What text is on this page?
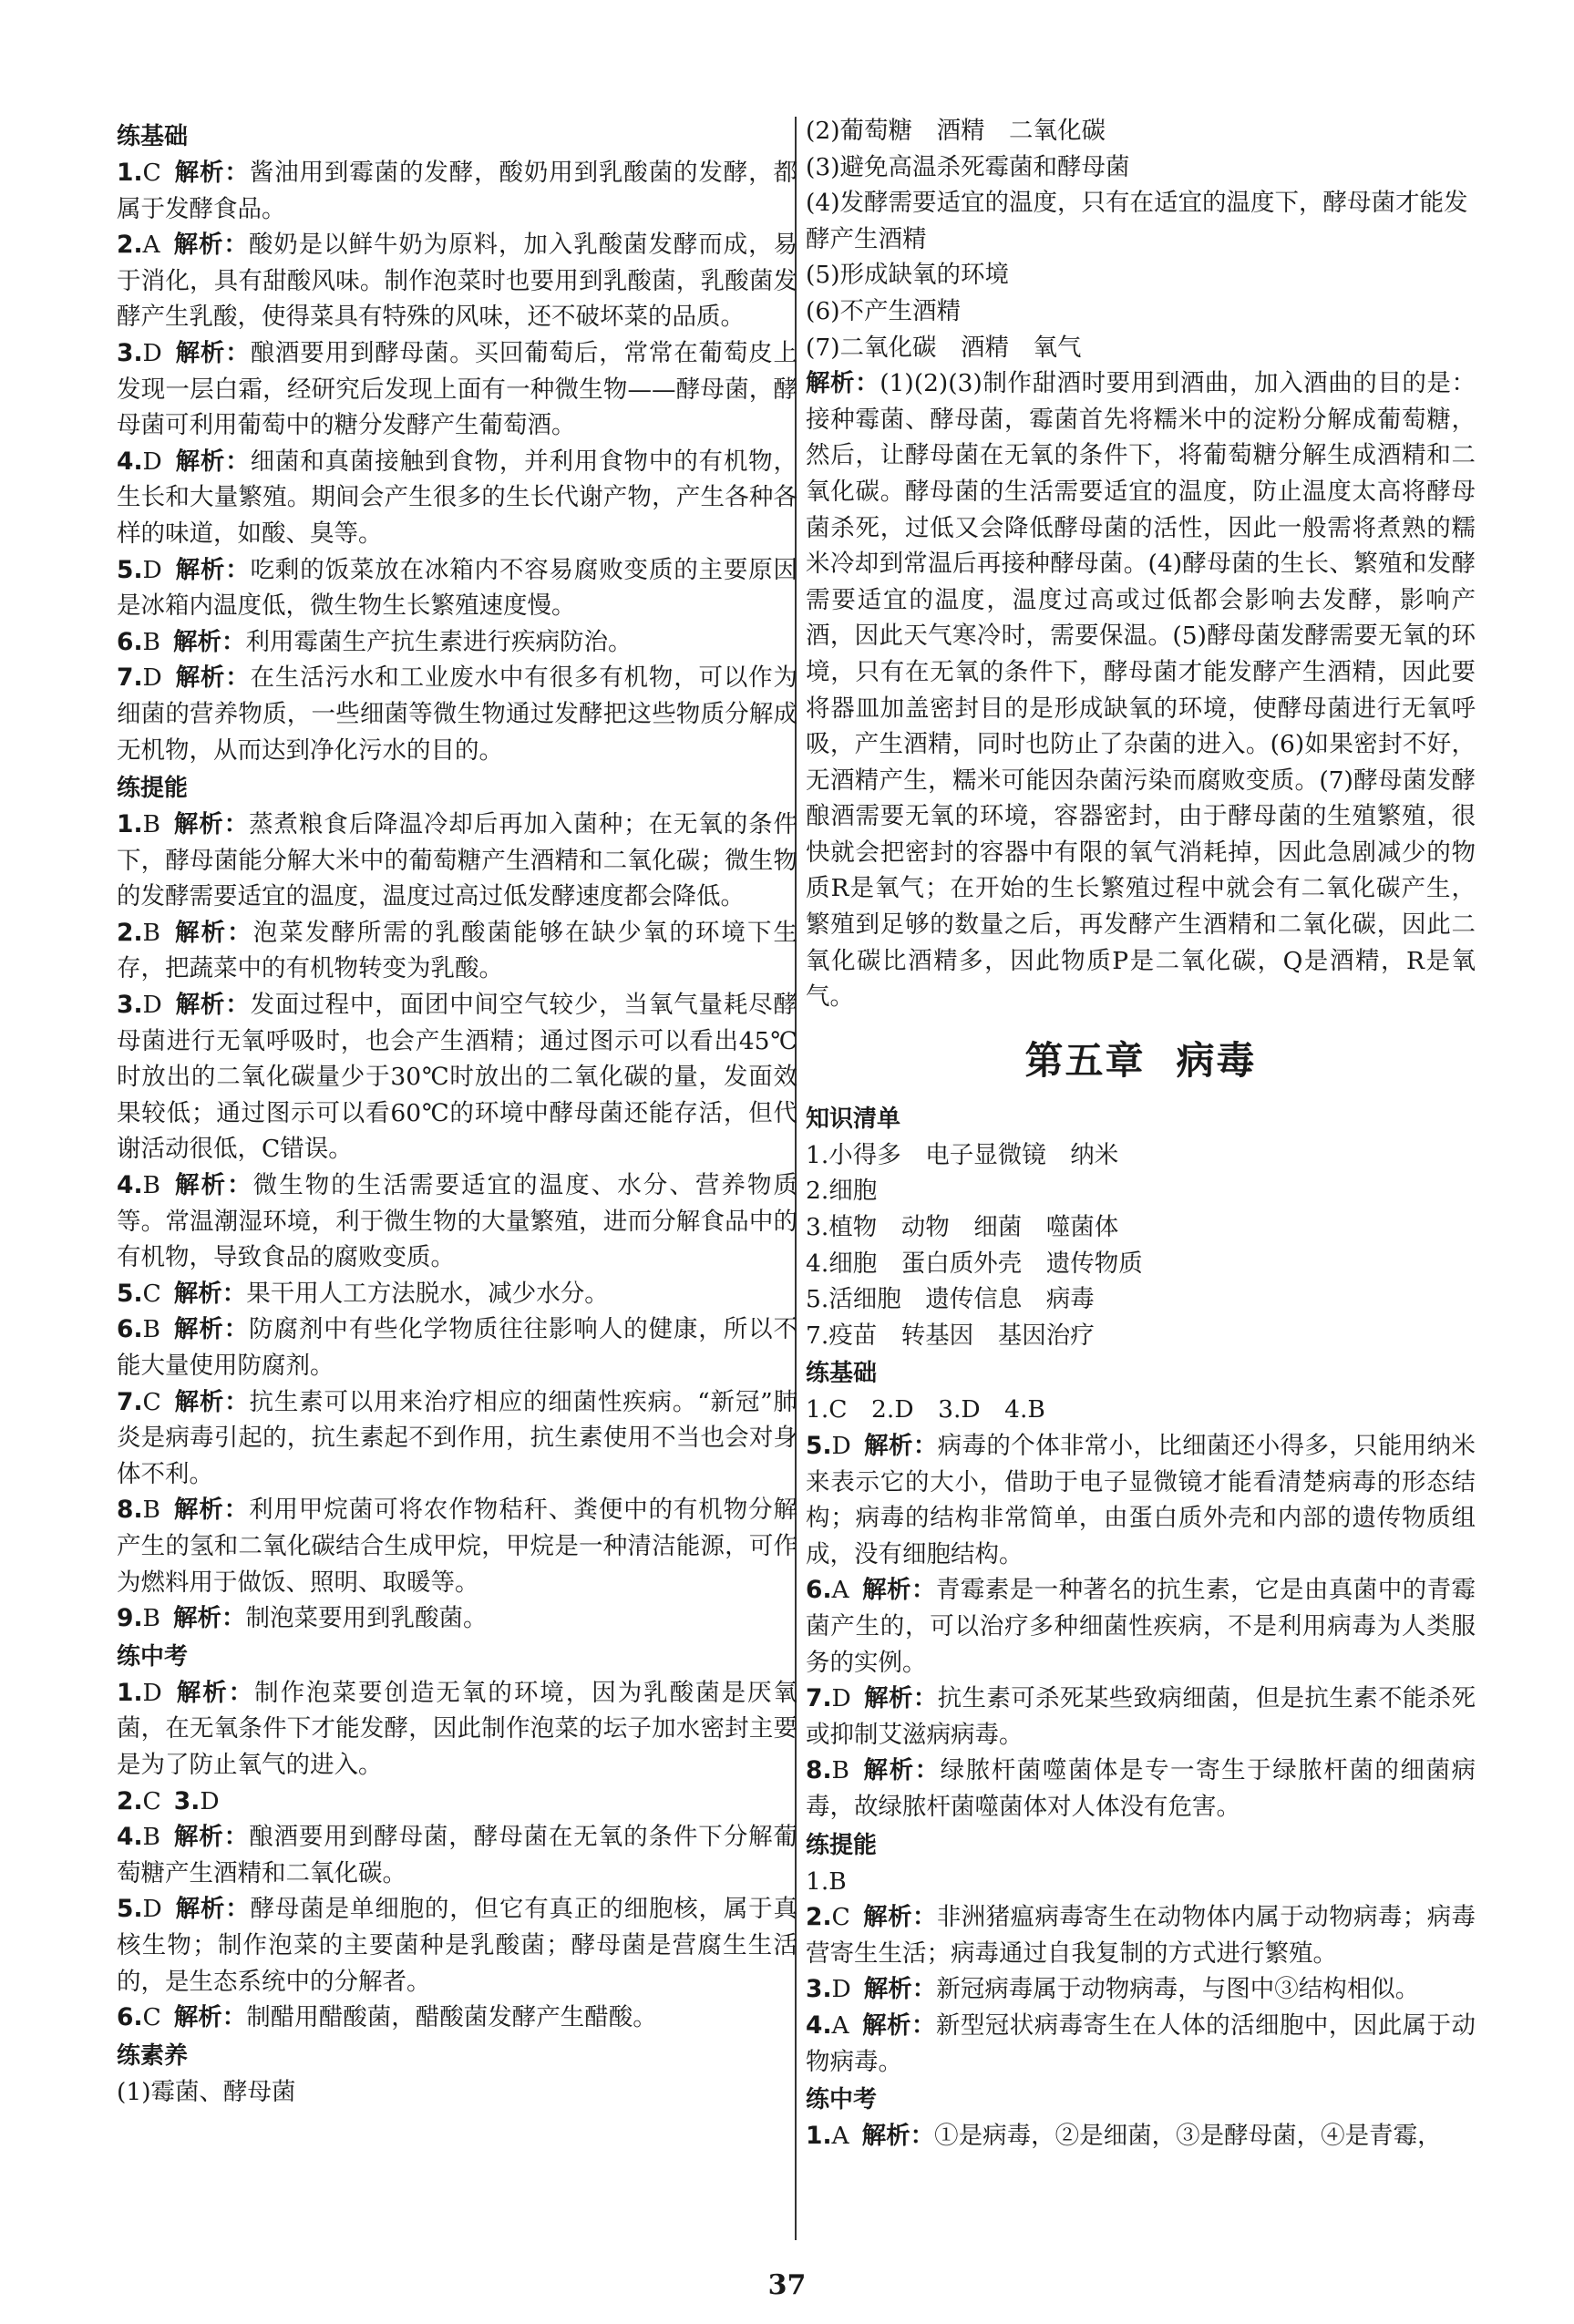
练基础
1.C 解析：酱油用到霉菌的发酵，酸奶用到乳酸菌的发酵，都属于发酵食品。
2.A 解析：酸奶是以鲜牛奶为原料，加入乳酸菌发酵而成，易于消化，具有甜酸风味。制作泡菜时也要用到乳酸菌，乳酸菌发酵产生乳酸，使得菜具有特殊的风味，还不破坏菜的品质。
3.D 解析：酿酒要用到酵母菌。买回葡萄后，常常在葡萄皮上发现一层白霜，经研究后发现上面有一种微生物——酵母菌，酵母菌可利用葡萄中的糖分发酵产生葡萄酒。
4.D 解析：细菌和真菌接触到食物，并利用食物中的有机物，生长和大量繁殖。期间会产生很多的生长代谢产物，产生各种各样的味道，如酸、臭等。
5.D 解析：吃剩的饭菜放在冰箱内不容易腐败变质的主要原因是冰箱内温度低，微生物生长繁殖速度慢。
6.B 解析：利用霉菌生产抗生素进行疾病防治。
7.D 解析：在生活污水和工业废水中有很多有机物，可以作为细菌的营养物质，一些细菌等微生物通过发酵把这些物质分解成无机物，从而达到净化污水的目的。
练提能
1.B 解析：蒸煮粮食后降温冷却后再加入菌种；在无氧的条件下，酵母菌能分解大米中的葡萄糖产生酒精和二氧化碳；微生物的发酵需要适宜的温度，温度过高过低发酵速度都会降低。
2.B 解析：泡菜发酵所需的乳酸菌能够在缺少氧的环境下生存，把蔬菜中的有机物转变为乳酸。
3.D 解析：发面过程中，面团中间空气较少，当氧气量耗尽酵母菌进行无氧呼吸时，也会产生酒精；通过图示可以看出45℃时放出的二氧化碳量少于30℃时放出的二氧化碳的量，发面效果较低；通过图示可以看60℃的环境中酵母菌还能存活，但代谢活动很低，C错误。
4.B 解析：微生物的生活需要适宜的温度、水分、营养物质等。常温潮湿环境，利于微生物的大量繁殖，进而分解食品中的有机物，导致食品的腐败变质。
5.C 解析：果干用人工方法脱水，减少水分。
6.B 解析：防腐剂中有些化学物质往往影响人的健康，所以不能大量使用防腐剂。
7.C 解析：抗生素可以用来治疗相应的细菌性疾病。“新冠”肺炎是病毒引起的，抗生素起不到作用，抗生素使用不当也会对身体不利。
8.B 解析：利用甲烷菌可将农作物秸秆、粪便中的有机物分解产生的氢和二氧化碳结合生成甲烷，甲烷是一种清洁能源，可作为燃料用于做饭、照明、取暖等。
9.B 解析：制泡菜要用到乳酸菌。
练中考
1.D 解析：制作泡菜要创造无氧的环境，因为乳酸菌是厌氧菌，在无氧条件下才能发酵，因此制作泡菜的坛子加水密封主要是为了防止氧气的进入。
2.C 3.D
4.B 解析：酿酒要用到酵母菌，酵母菌在无氧的条件下分解葡萄糖产生酒精和二氧化碳。
5.D 解析：酵母菌是单细胞的，但它有真正的细胞核，属于真核生物；制作泡菜的主要菌种是乳酸菌；酵母菌是营腐生生活的，是生态系统中的分解者。
6.C 解析：制醋用醋酸菌，醋酸菌发酵产生醋酸。
练素养
(1)霉菌、酵母菌
(2)葡萄糖　酒精　二氧化碳
(3)避免高温杀死霉菌和酵母菌
(4)发酵需要适宜的温度，只有在适宜的温度下，酵母菌才能发酵产生酒精
(5)形成缺氧的环境
(6)不产生酒精
(7)二氧化碳　酒精　氧气
解析：(1)(2)(3)制作甜酒时要用到酒曲，加入酒曲的目的是：接种霉菌、酵母菌，霉菌首先将糯米中的淀粉分解成葡萄糖，然后，让酵母菌在无氧的条件下，将葡萄糖分解生成酒精和二氧化碳。酵母菌的生活需要适宜的温度，防止温度太高将酵母菌杀死，过低又会降低酵母菌的活性，因此一般需将煮熟的糯米冷却到常温后再接种酵母菌。(4)酵母菌的生长、繁殖和发酵需要适宜的温度，温度过高或过低都会影响去发酵，影响产酒，因此天气寒冷时，需要保温。(5)酵母菌发酵需要无氧的环境，只有在无氧的条件下，酵母菌才能发酵产生酒精，因此要将器皿加盖密封目的是形成缺氧的环境，使酵母菌进行无氧呼吸，产生酒精，同时也防止了杂菌的进入。(6)如果密封不好，无酒精产生，糯米可能因杂菌污染而腐败变质。(7)酵母菌发酵酿酒需要无氧的环境，容器密封，由于酵母菌的生殖繁殖，很快就会把密封的容器中有限的氧气消耗掉，因此急剧减少的物质R是氧气；在开始的生长繁殖过程中就会有二氧化碳产生，繁殖到足够的数量之后，再发酵产生酒精和二氧化碳，因此二氧化碳比酒精多，因此物质P是二氧化碳，Q是酒精，R是氧气。
第五章 病毒
知识清单
1.小得多　电子显微镜　纳米
2.细胞
3.植物　动物　细菌　噬菌体
4.细胞　蛋白质外壳　遗传物质
5.活细胞　遗传信息　病毒
7.疫苗　转基因　基因治疗
练基础
1.C　2.D　3.D　4.B
5.D 解析：病毒的个体非常小，比细菌还小得多，只能用纳米来表示它的大小，借助于电子显微镜才能看清楚病毒的形态结构；病毒的结构非常简单，由蛋白质外壳和内部的遗传物质组成，没有细胞结构。
6.A 解析：青霉素是一种著名的抗生素，它是由真菌中的青霉菌产生的，可以治疗多种细菌性疾病，不是利用病毒为人类服务的实例。
7.D 解析：抗生素可杀死某些致病细菌，但是抗生素不能杀死或抑制艾滋病病毒。
8.B 解析：绿脓杆菌噬菌体是专一寄生于绿脓杆菌的细菌病毒，故绿脓杆菌噬菌体对人体没有危害。
练提能
1.B
2.C 解析：非洲猪瘟病毒寄生在动物体内属于动物病毒；病毒营寄生生活；病毒通过自我复制的方式进行繁殖。
3.D 解析：新冠病毒属于动物病毒，与图中③结构相似。
4.A 解析：新型冠状病毒寄生在人体的活细胞中，因此属于动物病毒。
练中考
1.A 解析：①是病毒，②是细菌，③是酵母菌，④是青霉，
37
